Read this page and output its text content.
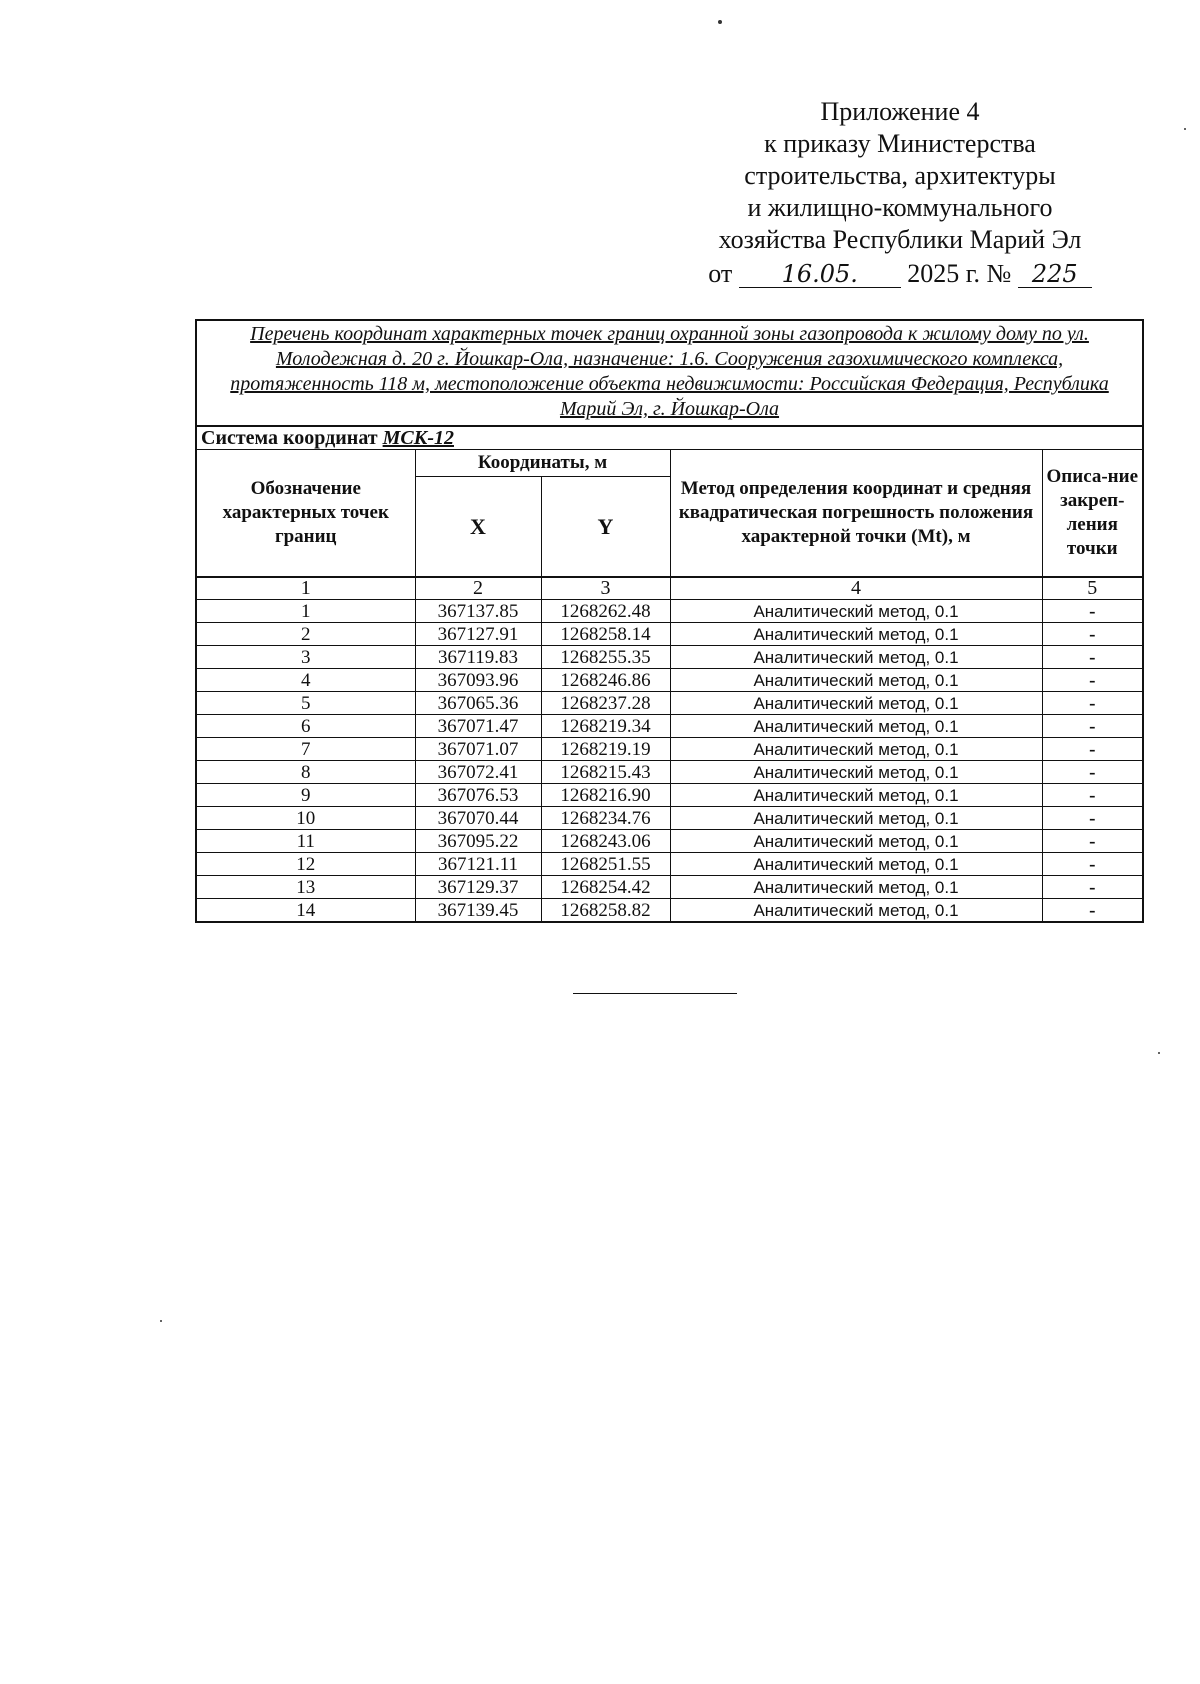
Приложение 4
к приказу Министерства
строительства, архитектуры
и жилищно-коммунального
хозяйства Республики Марий Эл
от 16.05. 2025 г. № 225
Перечень координат характерных точек границ охранной зоны газопровода к жилому дому по ул. Молодежная д. 20 г. Йошкар-Ола, назначение: 1.6. Сооружения газохимического комплекса, протяженность 118 м, местоположение объекта недвижимости: Российская Федерация, Республика Марий Эл, г. Йошкар-Ола				
Система координат МСК-12				
Обозначение характерных точек границ	Координаты, м		Метод определения координат и средняя квадратическая погрешность положения характерной точки (Mt), м	Описа-ние закреп-ления точки
	X	Y		
1	2	3	4	5
1	367137.85	1268262.48	Аналитический метод, 0.1	-
2	367127.91	1268258.14	Аналитический метод, 0.1	-
3	367119.83	1268255.35	Аналитический метод, 0.1	-
4	367093.96	1268246.86	Аналитический метод, 0.1	-
5	367065.36	1268237.28	Аналитический метод, 0.1	-
6	367071.47	1268219.34	Аналитический метод, 0.1	-
7	367071.07	1268219.19	Аналитический метод, 0.1	-
8	367072.41	1268215.43	Аналитический метод, 0.1	-
9	367076.53	1268216.90	Аналитический метод, 0.1	-
10	367070.44	1268234.76	Аналитический метод, 0.1	-
11	367095.22	1268243.06	Аналитический метод, 0.1	-
12	367121.11	1268251.55	Аналитический метод, 0.1	-
13	367129.37	1268254.42	Аналитический метод, 0.1	-
14	367139.45	1268258.82	Аналитический метод, 0.1	-
